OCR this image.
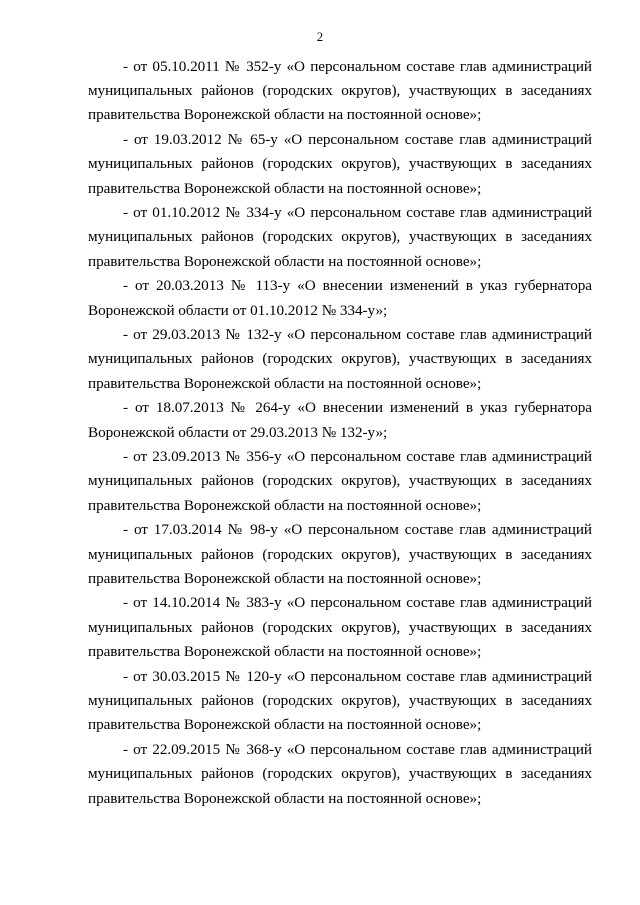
2

- от 05.10.2011 № 352-у «О персональном составе глав администраций муниципальных районов (городских округов), участвующих в заседаниях правительства Воронежской области на постоянной основе»;

- от 19.03.2012 № 65-у «О персональном составе глав администраций муниципальных районов (городских округов), участвующих в заседаниях правительства Воронежской области на постоянной основе»;

- от 01.10.2012 № 334-у «О персональном составе глав администраций муниципальных районов (городских округов), участвующих в заседаниях правительства Воронежской области на постоянной основе»;

- от 20.03.2013 № 113-у «О внесении изменений в указ губернатора Воронежской области от 01.10.2012 № 334-у»;

- от 29.03.2013 № 132-у «О персональном составе глав администраций муниципальных районов (городских округов), участвующих в заседаниях правительства Воронежской области на постоянной основе»;

- от 18.07.2013 № 264-у «О внесении изменений в указ губернатора Воронежской области от 29.03.2013 № 132-у»;

- от 23.09.2013 № 356-у «О персональном составе глав администраций муниципальных районов (городских округов), участвующих в заседаниях правительства Воронежской области на постоянной основе»;

- от 17.03.2014 № 98-у «О персональном составе глав администраций муниципальных районов (городских округов), участвующих в заседаниях правительства Воронежской области на постоянной основе»;

- от 14.10.2014 № 383-у «О персональном составе глав администраций муниципальных районов (городских округов), участвующих в заседаниях правительства Воронежской области на постоянной основе»;

- от 30.03.2015 № 120-у «О персональном составе глав администраций муниципальных районов (городских округов), участвующих в заседаниях правительства Воронежской области на постоянной основе»;

- от 22.09.2015 № 368-у «О персональном составе глав администраций муниципальных районов (городских округов), участвующих в заседаниях правительства Воронежской области на постоянной основе»;
